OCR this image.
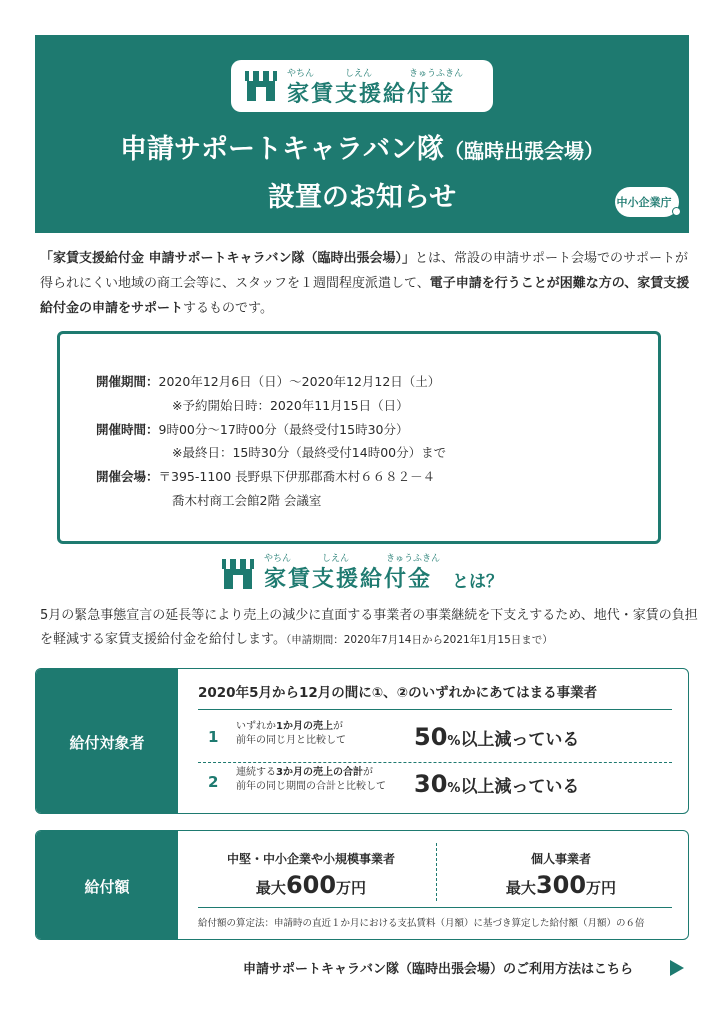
やちん	しえん	きゅうふきん
家賃支援給付金
申請サポートキャラバン隊（臨時出張会場）
設置のお知らせ	中小企業庁
「家賃支援給付金 申請サポートキャラバン隊（臨時出張会場）」とは、常設の申請サポート会場でのサポートが得られにくい地域の商工会等に、スタッフを１週間程度派遣して、電子申請を行うことが困難な方の、家賃支援給付金の申請をサポートするものです。
開催期間：2020年12月6日（日）～2020年12月12日（土）
※予約開始日時：2020年11月15日（日）
開催時間：9時00分～17時00分（最終受付15時30分）
※最終日：15時30分（最終受付14時00分）まで
開催会場：〒395-1100 長野県下伊那郡喬木村６６８２－４
喬木村商工会館2階 会議室
やちん	しえん	きゅうふきん
家賃支援給付金 とは？
5月の緊急事態宣言の延長等により売上の減少に直面する事業者の事業継続を下支えするため、地代・家賃の負担を軽減する家賃支援給付金を給付します。（申請期間：2020年7月14日から2021年1月15日まで）
給付対象者
2020年5月から12月の間に①、②のいずれかにあてはまる事業者
1
いずれか1か月の売上が
前年の同じ月と比較して	50%以上減っている
2
連続する3か月の売上の合計が
前年の同じ期間の合計と比較して 30%以上減っている
給付額
中堅・中小企業や小規模事業者
最大600万円
個人事業者
最大300万円
給付額の算定法：申請時の直近１か月における支払賃料（月額）に基づき算定した給付額（月額）の６倍
申請サポートキャラバン隊（臨時出張会場）のご利用方法はこちら
